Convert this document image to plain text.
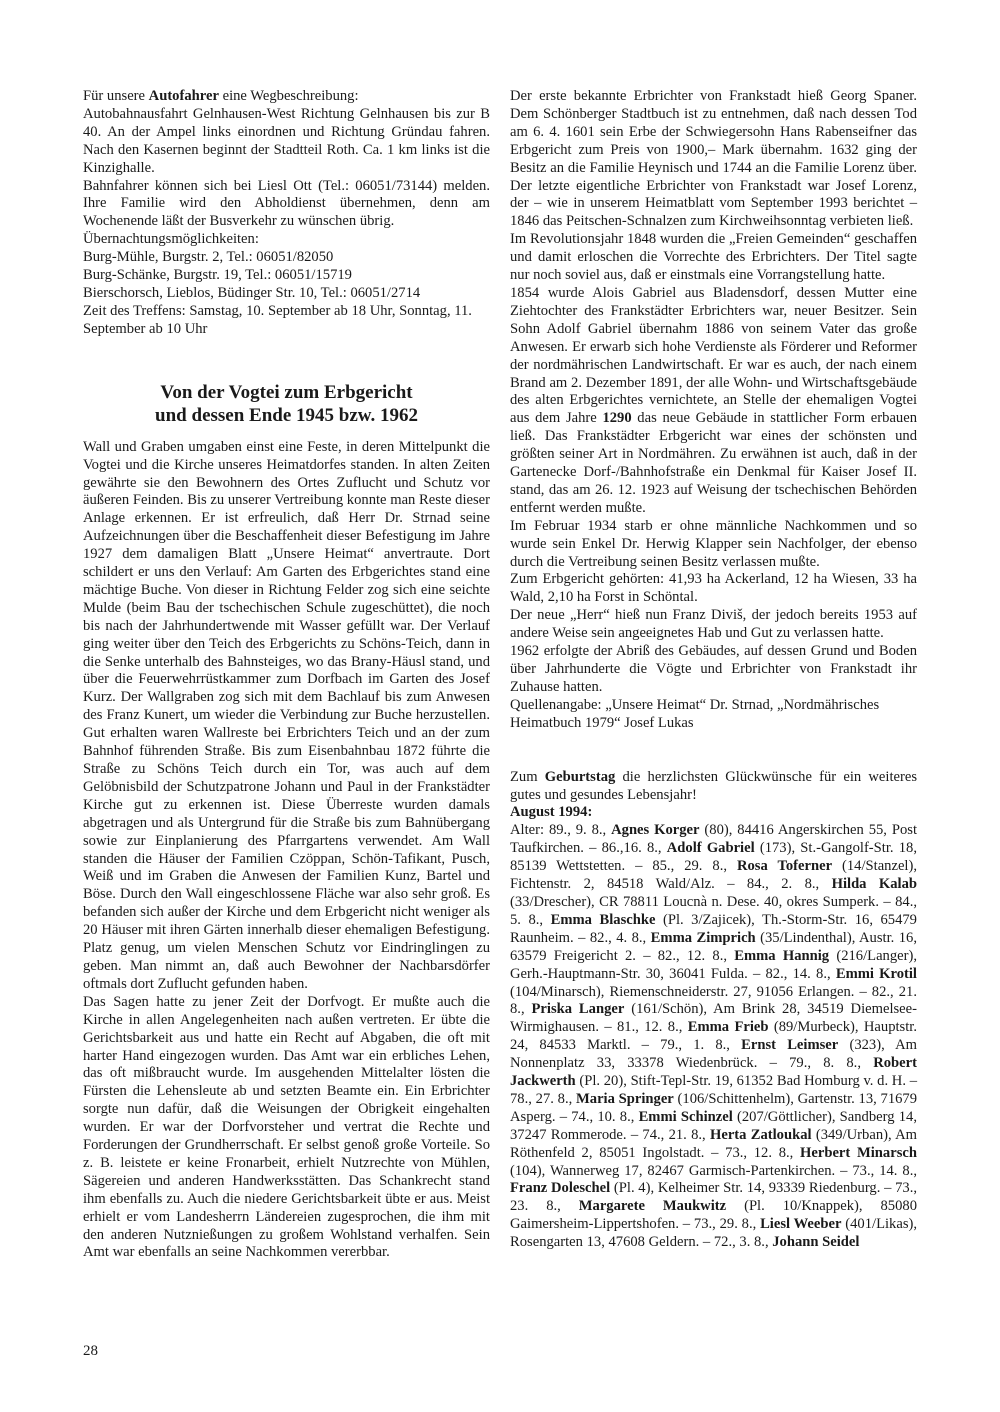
Für unsere Autofahrer eine Wegbeschreibung:

Autobahnausfahrt Gelnhausen-West Richtung Gelnhausen bis zur B 40. An der Ampel links einordnen und Richtung Gründau fahren. Nach den Kasernen beginnt der Stadtteil Roth. Ca. 1 km links ist die Kinzighalle.

Bahnfahrer können sich bei Liesl Ott (Tel.: 06051/73144) melden. Ihre Familie wird den Abholdienst übernehmen, denn am Wochenende läßt der Busverkehr zu wünschen übrig.

Übernachtungsmöglichkeiten:

Burg-Mühle, Burgstr. 2, Tel.: 06051/82050

Burg-Schänke, Burgstr. 19, Tel.: 06051/15719

Bierschorsch, Lieblos, Büdinger Str. 10, Tel.: 06051/2714

Zeit des Treffens: Samstag, 10. September ab 18 Uhr, Sonntag, 11. September ab 10 Uhr

Von der Vogtei zum Erbgericht
und dessen Ende 1945 bzw. 1962

Wall und Graben umgaben einst eine Feste, in deren Mittelpunkt die Vogtei und die Kirche unseres Heimatdorfes standen. In alten Zeiten gewährte sie den Bewohnern des Ortes Zuflucht und Schutz vor äußeren Feinden. Bis zu unserer Vertreibung konnte man Reste dieser Anlage erkennen. Er ist erfreulich, daß Herr Dr. Strnad seine Aufzeichnungen über die Beschaffenheit dieser Befestigung im Jahre 1927 dem damaligen Blatt „Unsere Heimat“ anvertraute. Dort schildert er uns den Verlauf: Am Garten des Erbgerichtes stand eine mächtige Buche. Von dieser in Richtung Felder zog sich eine seichte Mulde (beim Bau der tschechischen Schule zugeschüttet), die noch bis nach der Jahrhundertwende mit Wasser gefüllt war. Der Verlauf ging weiter über den Teich des Erbgerichts zu Schöns-Teich, dann in die Senke unterhalb des Bahnsteiges, wo das Brany-Häusl stand, und über die Feuerwehrrüstkammer zum Dorfbach im Garten des Josef Kurz. Der Wallgraben zog sich mit dem Bachlauf bis zum Anwesen des Franz Kunert, um wieder die Verbindung zur Buche herzustellen. Gut erhalten waren Wallreste bei Erbrichters Teich und an der zum Bahnhof führenden Straße. Bis zum Eisenbahnbau 1872 führte die Straße zu Schöns Teich durch ein Tor, was auch auf dem Gelöbnisbild der Schutzpatrone Johann und Paul in der Frankstädter Kirche gut zu erkennen ist. Diese Überreste wurden damals abgetragen und als Untergrund für die Straße bis zum Bahnübergang sowie zur Einplanierung des Pfarrgartens verwendet. Am Wall standen die Häuser der Familien Czöppan, Schön-Tafikant, Pusch, Weiß und im Graben die Anwesen der Familien Kunz, Bartel und Böse. Durch den Wall eingeschlossene Fläche war also sehr groß. Es befanden sich außer der Kirche und dem Erbgericht nicht weniger als 20 Häuser mit ihren Gärten innerhalb dieser ehemaligen Befestigung. Platz genug, um vielen Menschen Schutz vor Eindringlingen zu geben. Man nimmt an, daß auch Bewohner der Nachbarsdörfer oftmals dort Zuflucht gefunden haben.

Das Sagen hatte zu jener Zeit der Dorfvogt. Er mußte auch die Kirche in allen Angelegenheiten nach außen vertreten. Er übte die Gerichtsbarkeit aus und hatte ein Recht auf Abgaben, die oft mit harter Hand eingezogen wurden. Das Amt war ein erbliches Lehen, das oft mißbraucht wurde. Im ausgehenden Mittelalter lösten die Fürsten die Lehensleute ab und setzten Beamte ein. Ein Erbrichter sorgte nun dafür, daß die Weisungen der Obrigkeit eingehalten wurden. Er war der Dorfvorsteher und vertrat die Rechte und Forderungen der Grundherrschaft. Er selbst genoß große Vorteile. So z. B. leistete er keine Fronarbeit, erhielt Nutzrechte von Mühlen, Sägereien und anderen Handwerksstätten. Das Schankrecht stand ihm ebenfalls zu. Auch die niedere Gerichtsbarkeit übte er aus. Meist erhielt er vom Landesherrn Ländereien zugesprochen, die ihm mit den anderen Nutznießungen zu großem Wohlstand verhalfen. Sein Amt war ebenfalls an seine Nachkommen vererbbar.

Der erste bekannte Erbrichter von Frankstadt hieß Georg Spaner. Dem Schönberger Stadtbuch ist zu entnehmen, daß nach dessen Tod am 6. 4. 1601 sein Erbe der Schwiegersohn Hans Rabenseifner das Erbgericht zum Preis von 1900,– Mark übernahm. 1632 ging der Besitz an die Familie Heynisch und 1744 an die Familie Lorenz über. Der letzte eigentliche Erbrichter von Frankstadt war Josef Lorenz, der – wie in unserem Heimatblatt vom September 1993 berichtet – 1846 das Peitschen-Schnalzen zum Kirchweihsonntag verbieten ließ.

Im Revolutionsjahr 1848 wurden die „Freien Gemeinden“ geschaffen und damit erloschen die Vorrechte des Erbrichters. Der Titel sagte nur noch soviel aus, daß er einstmals eine Vorrangstellung hatte.

1854 wurde Alois Gabriel aus Bladensdorf, dessen Mutter eine Ziehtochter des Frankstädter Erbrichters war, neuer Besitzer. Sein Sohn Adolf Gabriel übernahm 1886 von seinem Vater das große Anwesen. Er erwarb sich hohe Verdienste als Förderer und Reformer der nordmährischen Landwirtschaft. Er war es auch, der nach einem Brand am 2. Dezember 1891, der alle Wohn- und Wirtschaftsgebäude des alten Erbgerichtes vernichtete, an Stelle der ehemaligen Vogtei aus dem Jahre 1290 das neue Gebäude in stattlicher Form erbauen ließ. Das Frankstädter Erbgericht war eines der schönsten und größten seiner Art in Nordmähren. Zu erwähnen ist auch, daß in der Gartenecke Dorf-/Bahnhofstraße ein Denkmal für Kaiser Josef II. stand, das am 26. 12. 1923 auf Weisung der tschechischen Behörden entfernt werden mußte.

Im Februar 1934 starb er ohne männliche Nachkommen und so wurde sein Enkel Dr. Herwig Klapper sein Nachfolger, der ebenso durch die Vertreibung seinen Besitz verlassen mußte.

Zum Erbgericht gehörten: 41,93 ha Ackerland, 12 ha Wiesen, 33 ha Wald, 2,10 ha Forst in Schöntal.

Der neue „Herr“ hieß nun Franz Diviš, der jedoch bereits 1953 auf andere Weise sein angeeignetes Hab und Gut zu verlassen hatte.

1962 erfolgte der Abriß des Gebäudes, auf dessen Grund und Boden über Jahrhunderte die Vögte und Erbrichter von Frankstadt ihr Zuhause hatten.

Quellenangabe: „Unsere Heimat“ Dr. Strnad, „Nordmährisches Heimatbuch 1979“ Josef Lukas

Zum Geburtstag die herzlichsten Glückwünsche für ein weiteres gutes und gesundes Lebensjahr!

August 1994:

Alter: 89., 9. 8., Agnes Korger (80), 84416 Angerskirchen 55, Post Taufkirchen. – 86.,16. 8., Adolf Gabriel (173), St.-Gangolf-Str. 18, 85139 Wettstetten. – 85., 29. 8., Rosa Toferner (14/Stanzel), Fichtenstr. 2, 84518 Wald/Alz. – 84., 2. 8., Hilda Kalab (33/Drescher), CR 78811 Loucnà n. Dese. 40, okres Sumperk. – 84., 5. 8., Emma Blaschke (Pl. 3/Zajicek), Th.-Storm-Str. 16, 65479 Raunheim. – 82., 4. 8., Emma Zimprich (35/Lindenthal), Austr. 16, 63579 Freigericht 2. – 82., 12. 8., Emma Hannig (216/Langer), Gerh.-Hauptmann-Str. 30, 36041 Fulda. – 82., 14. 8., Emmi Krotil (104/Minarsch), Riemenschneiderstr. 27, 91056 Erlangen. – 82., 21. 8., Priska Langer (161/Schön), Am Brink 28, 34519 Diemelsee-Wirmighausen. – 81., 12. 8., Emma Frieb (89/Murbeck), Hauptstr. 24, 84533 Marktl. – 79., 1. 8., Ernst Leimser (323), Am Nonnenplatz 33, 33378 Wiedenbrück. – 79., 8. 8., Robert Jackwerth (Pl. 20), Stift-Tepl-Str. 19, 61352 Bad Homburg v. d. H. – 78., 27. 8., Maria Springer (106/Schittenhelm), Gartenstr. 13, 71679 Asperg. – 74., 10. 8., Emmi Schinzel (207/Göttlicher), Sandberg 14, 37247 Rommerode. – 74., 21. 8., Herta Zatloukal (349/Urban), Am Röthenfeld 2, 85051 Ingolstadt. – 73., 12. 8., Herbert Minarsch (104), Wannerweg 17, 82467 Garmisch-Partenkirchen. – 73., 14. 8., Franz Doleschel (Pl. 4), Kelheimer Str. 14, 93339 Riedenburg. – 73., 23. 8., Margarete Maukwitz (Pl. 10/Knappek), 85080 Gaimersheim-Lippertshofen. – 73., 29. 8., Liesl Weeber (401/Likas), Rosengarten 13, 47608 Geldern. – 72., 3. 8., Johann Seidel

28
